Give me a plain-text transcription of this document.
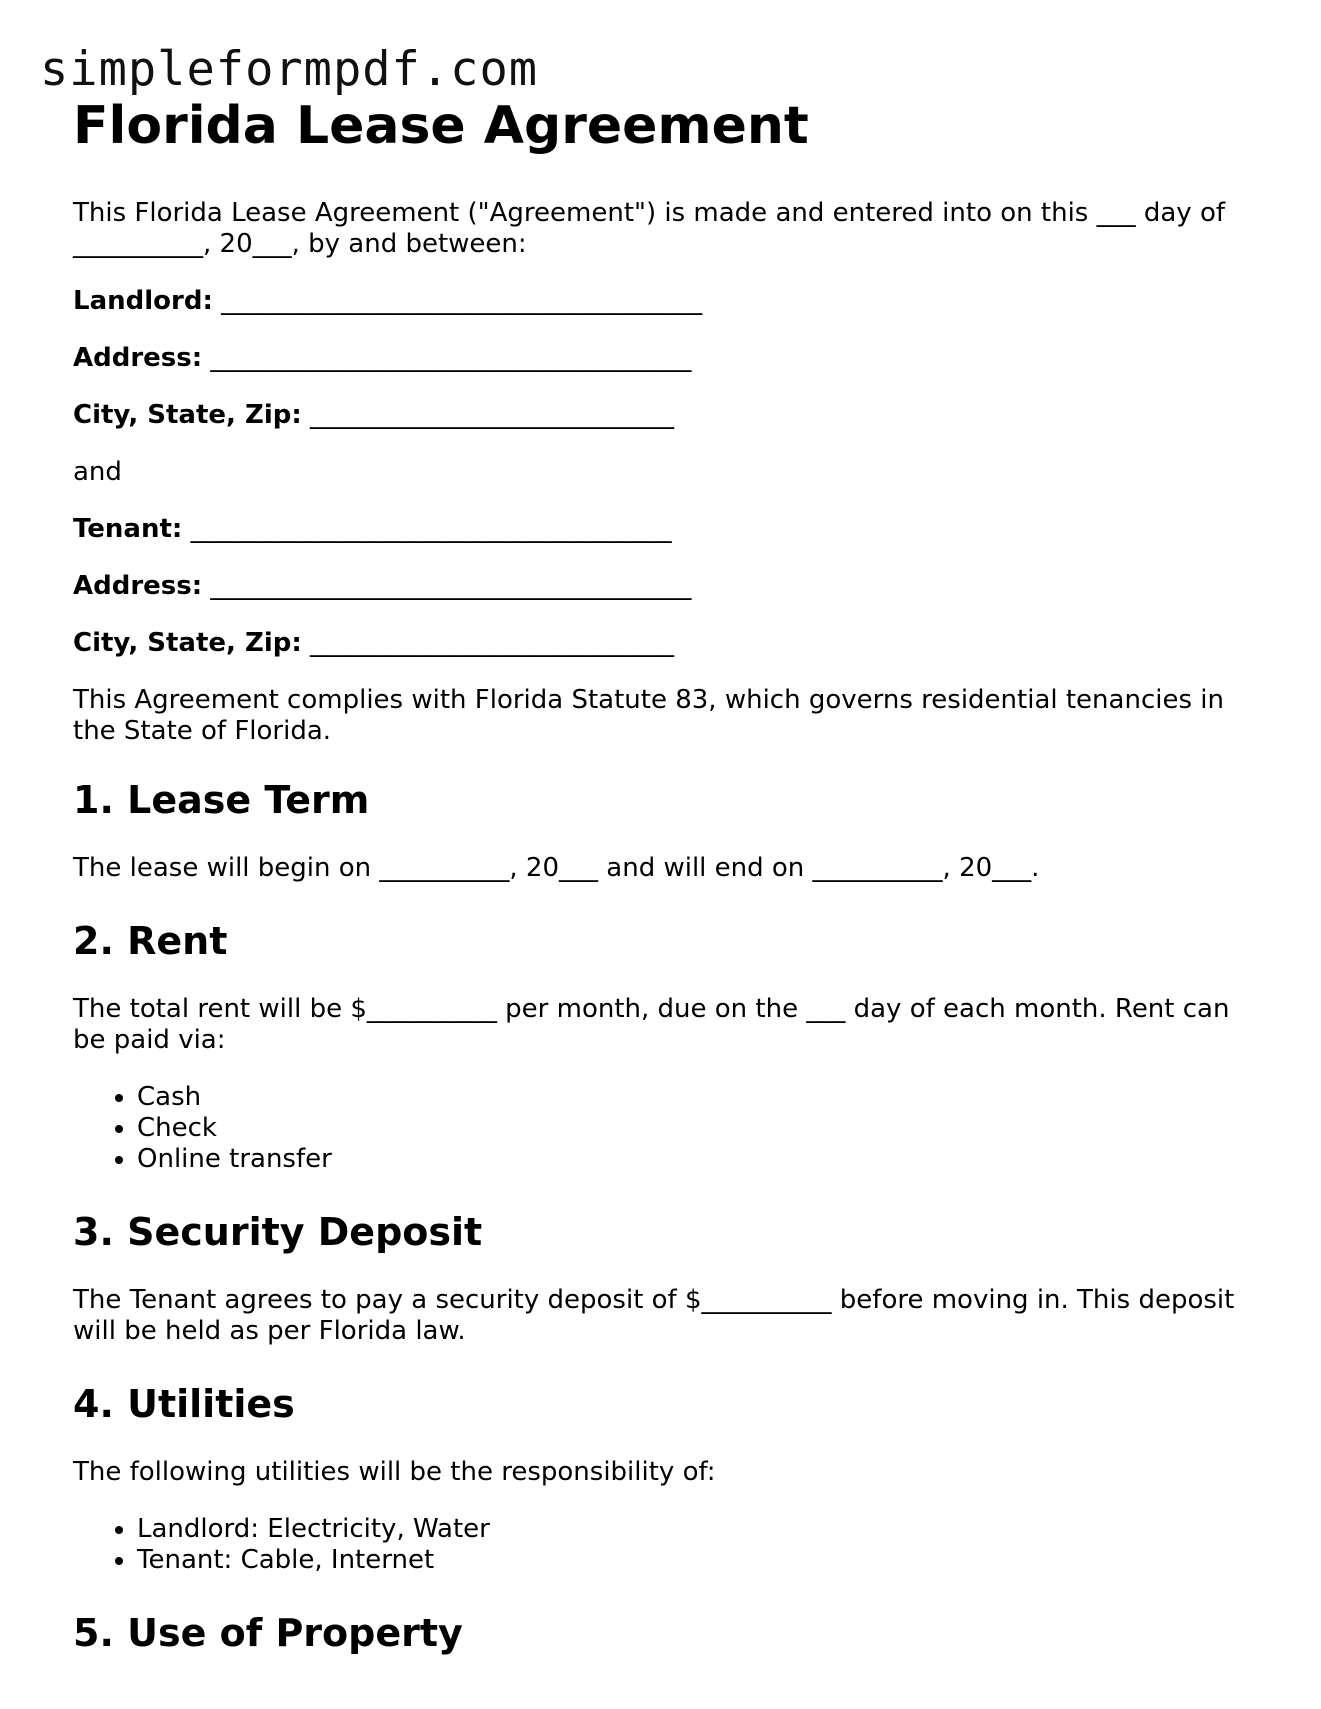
simpleformpdf.com
Florida Lease Agreement

This Florida Lease Agreement ("Agreement") is made and entered into on this ___ day of __________, 20___, by and between:

Landlord: _____________________________________
Address: _____________________________________
City, State, Zip: ____________________________

and

Tenant: _____________________________________
Address: _____________________________________
City, State, Zip: ____________________________

This Agreement complies with Florida Statute 83, which governs residential tenancies in the State of Florida.

1. Lease Term

The lease will begin on __________, 20___ and will end on __________, 20___.

2. Rent

The total rent will be $__________ per month, due on the ___ day of each month. Rent can be paid via:

• Cash
• Check
• Online transfer
3. Security Deposit

The Tenant agrees to pay a security deposit of $__________ before moving in. This deposit will be held as per Florida law.

4. Utilities

The following utilities will be the responsibility of:

• Landlord: Electricity, Water
• Tenant: Cable, Internet
5. Use of Property
